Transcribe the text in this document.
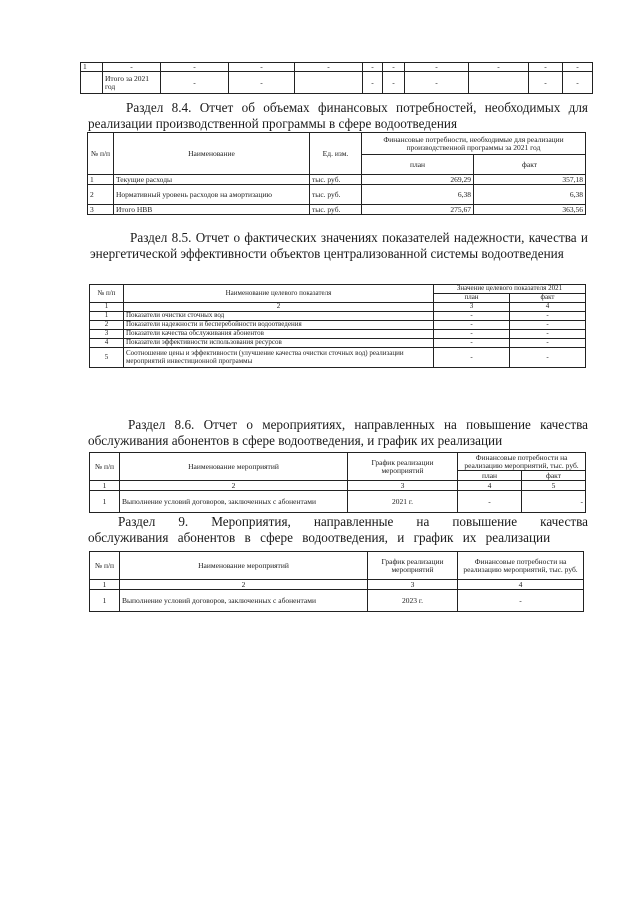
1	-	-	-	-	-	-	-	-	-	-
	Итого за 2021 год	-	-		-	-	-		-	-
Раздел 8.4. Отчет об объемах финансовых потребностей, необходимых для реализации производственной программы в сфере водоотведения
№ п/п	Наименование	Ед. изм.	Финансовые потребности, необходимые для реализации производственной программы за 2021 год	
			план	факт
1	Текущие расходы	тыс. руб.	269,29	357,18
2	Нормативный уровень расходов на амортизацию	тыс. руб.	6,38	6,38
3	Итого НВВ	тыс. руб.	275,67	363,56
Раздел 8.5. Отчет о фактических значениях показателей надежности, качества и энергетической эффективности объектов централизованной системы водоотведения
№ п/п	Наименование целевого показателя	Значение целевого показателя 2021	
		план	факт
1	2	3	4
1	Показатели очистки сточных вод	-	-
2	Показатели надежности и бесперебойности водоотведения	-	-
3	Показатели качества обслуживания абонентов	-	-
4	Показатели эффективности использования ресурсов	-	-
5	Соотношение цены и эффективности (улучшение качества очистки сточных вод) реализации мероприятий инвестиционной программы	-	-
Раздел 8.6. Отчет о мероприятиях, направленных на повышение качества обслуживания абонентов в сфере водоотведения, и график их реализации
№ п/п	Наименование мероприятий	График реализации мероприятий	Финансовые потребности на реализацию мероприятий, тыс. руб.	
			план	факт
1	2	3	4	5
1	Выполнение условий договоров, заключенных с абонентами	2021 г.	-	-
Раздел 9. Мероприятия, направленные на повышение качества обслуживания абонентов в сфере водоотведения, и график их реализации
№ п/п	Наименование мероприятий	График реализации мероприятий	Финансовые потребности на реализацию мероприятий, тыс. руб.
1	2	3	4
1	Выполнение условий договоров, заключенных с абонентами	2023 г.	-
